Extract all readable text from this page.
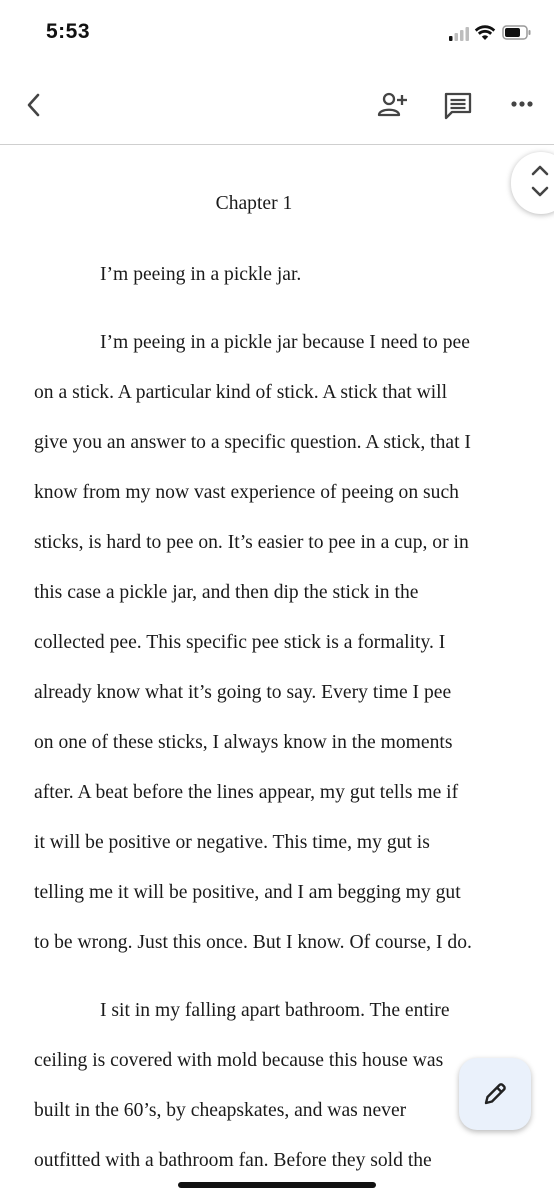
5:53
Chapter 1
I’m peeing in a pickle jar.
I’m peeing in a pickle jar because I need to pee
on a stick. A particular kind of stick. A stick that will
give you an answer to a specific question. A stick, that I
know from my now vast experience of peeing on such
sticks, is hard to pee on. It’s easier to pee in a cup, or in
this case a pickle jar, and then dip the stick in the
collected pee. This specific pee stick is a formality. I
already know what it’s going to say. Every time I pee
on one of these sticks, I always know in the moments
after. A beat before the lines appear, my gut tells me if
it will be positive or negative. This time, my gut is
telling me it will be positive, and I am begging my gut
to be wrong. Just this once. But I know. Of course, I do.
I sit in my falling apart bathroom. The entire
ceiling is covered with mold because this house was
built in the 60’s, by cheapskates, and was never
outfitted with a bathroom fan. Before they sold the
